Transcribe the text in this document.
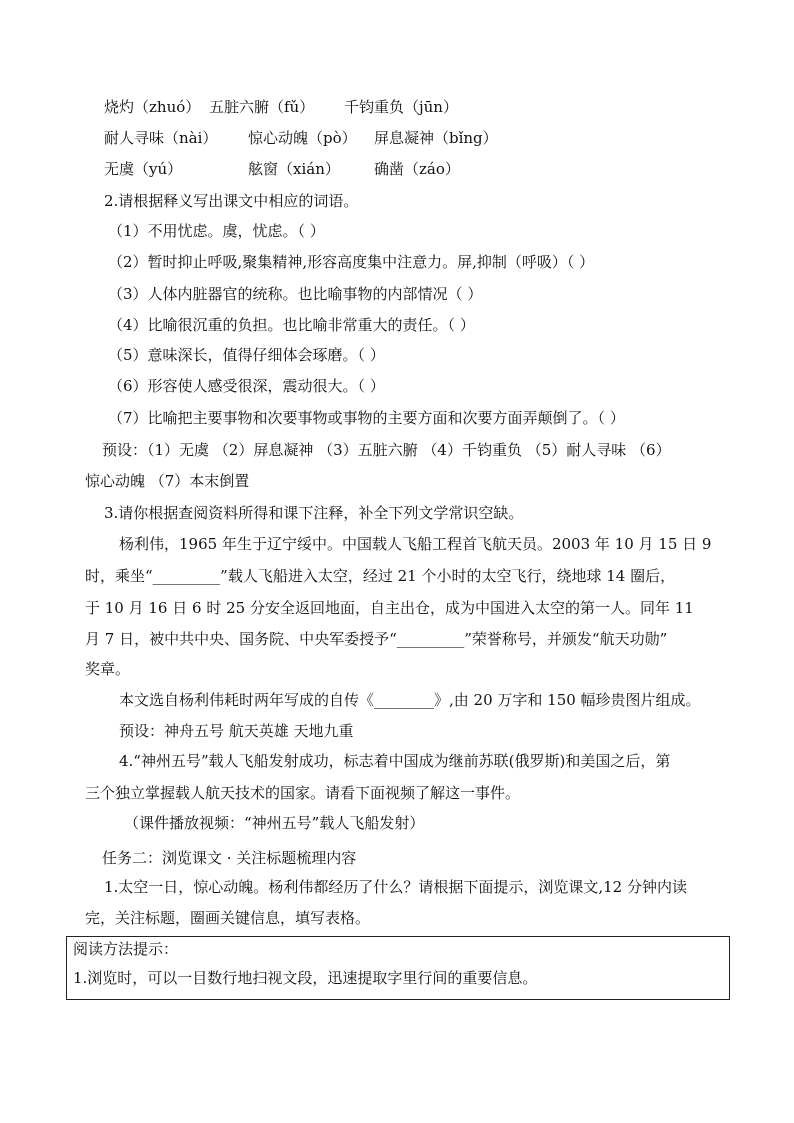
烧灼（zhuó） 五脏六腑（fǔ） 千钧重负（jūn）
耐人寻味（nài） 惊心动魄（pò） 屏息凝神（bǐng）
无虞（yú）	舷窗（xián） 确凿（záo）
2.请根据释义写出课文中相应的词语。
（1）不用忧虑。虞，忧虑。（ ）
（2）暂时抑止呼吸,聚集精神,形容高度集中注意力。屏,抑制（呼吸）（ ）
（3）人体内脏器官的统称。也比喻事物的内部情况（ ）
（4）比喻很沉重的负担。也比喻非常重大的责任。（ ）
（5）意味深长，值得仔细体会琢磨。（ ）
（6）形容使人感受很深，震动很大。（ ）
（7）比喻把主要事物和次要事物或事物的主要方面和次要方面弄颠倒了。（ ）
预设：（1）无虞 （2）屏息凝神 （3）五脏六腑 （4）千钧重负 （5）耐人寻味 （6）
惊心动魄 （7）本末倒置
3.请你根据查阅资料所得和课下注释，补全下列文学常识空缺。
杨利伟，1965 年生于辽宁绥中。中国载人飞船工程首飞航天员。2003 年 10 月 15 日 9
时，乘坐“_________”载人飞船进入太空，经过 21 个小时的太空飞行，绕地球 14 圈后，
于 10 月 16 日 6 时 25 分安全返回地面，自主出仓，成为中国进入太空的第一人。同年 11
月 7 日，被中共中央、国务院、中央军委授予“_________”荣誉称号，并颁发“航天功勋”
奖章。
本文选自杨利伟耗时两年写成的自传《________》,由 20 万字和 150 幅珍贵图片组成。
预设：神舟五号 航天英雄 天地九重
4.“神州五号”载人飞船发射成功，标志着中国成为继前苏联(俄罗斯)和美国之后，第
三个独立掌握载人航天技术的国家。请看下面视频了解这一事件。
（课件播放视频：“神州五号”载人飞船发射）
任务二：浏览课文 · 关注标题梳理内容
1.太空一日，惊心动魄。杨利伟都经历了什么？请根据下面提示，浏览课文,12 分钟内读
完，关注标题，圈画关键信息，填写表格。
阅读方法提示：
1.浏览时，可以一目数行地扫视文段，迅速提取字里行间的重要信息。
